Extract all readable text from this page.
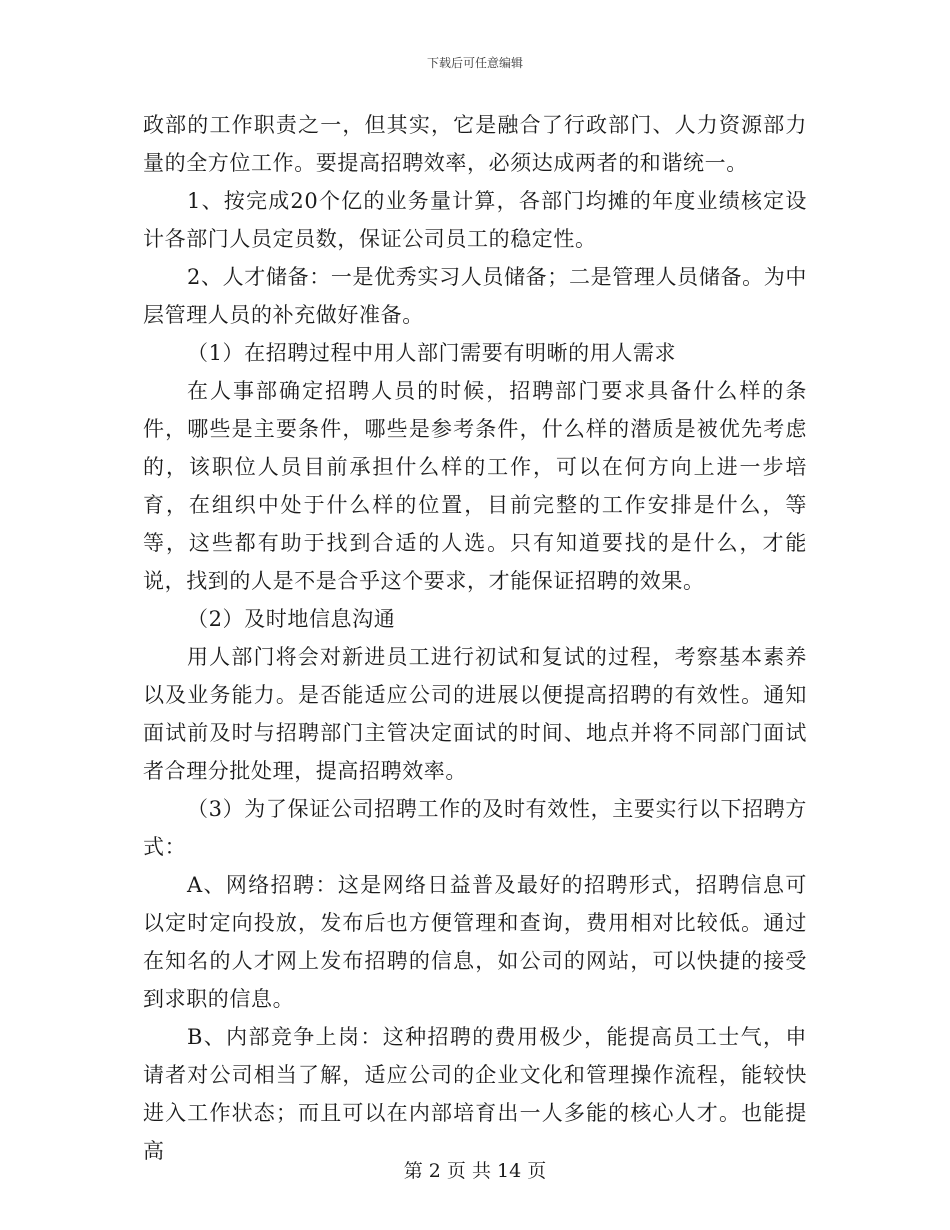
下载后可任意编辑

政部的工作职责之一，但其实，它是融合了行政部门、人力资源部力量的全方位工作。要提高招聘效率，必须达成两者的和谐统一。

1、按完成20个亿的业务量计算，各部门均摊的年度业绩核定设计各部门人员定员数，保证公司员工的稳定性。

2、人才储备：一是优秀实习人员储备；二是管理人员储备。为中层管理人员的补充做好准备。

（1）在招聘过程中用人部门需要有明晰的用人需求

在人事部确定招聘人员的时候，招聘部门要求具备什么样的条件，哪些是主要条件，哪些是参考条件，什么样的潜质是被优先考虑的，该职位人员目前承担什么样的工作，可以在何方向上进一步培育，在组织中处于什么样的位置，目前完整的工作安排是什么，等等，这些都有助于找到合适的人选。只有知道要找的是什么，才能说，找到的人是不是合乎这个要求，才能保证招聘的效果。

（2）及时地信息沟通

用人部门将会对新进员工进行初试和复试的过程，考察基本素养以及业务能力。是否能适应公司的进展以便提高招聘的有效性。通知面试前及时与招聘部门主管决定面试的时间、地点并将不同部门面试者合理分批处理，提高招聘效率。

（3）为了保证公司招聘工作的及时有效性，主要实行以下招聘方式：

A、网络招聘：这是网络日益普及最好的招聘形式，招聘信息可以定时定向投放，发布后也方便管理和查询，费用相对比较低。通过在知名的人才网上发布招聘的信息，如公司的网站，可以快捷的接受到求职的信息。

B、内部竞争上岗：这种招聘的费用极少，能提高员工士气，申请者对公司相当了解，适应公司的企业文化和管理操作流程，能较快进入工作状态；而且可以在内部培育出一人多能的核心人才。也能提高

第 2 页 共 14 页
